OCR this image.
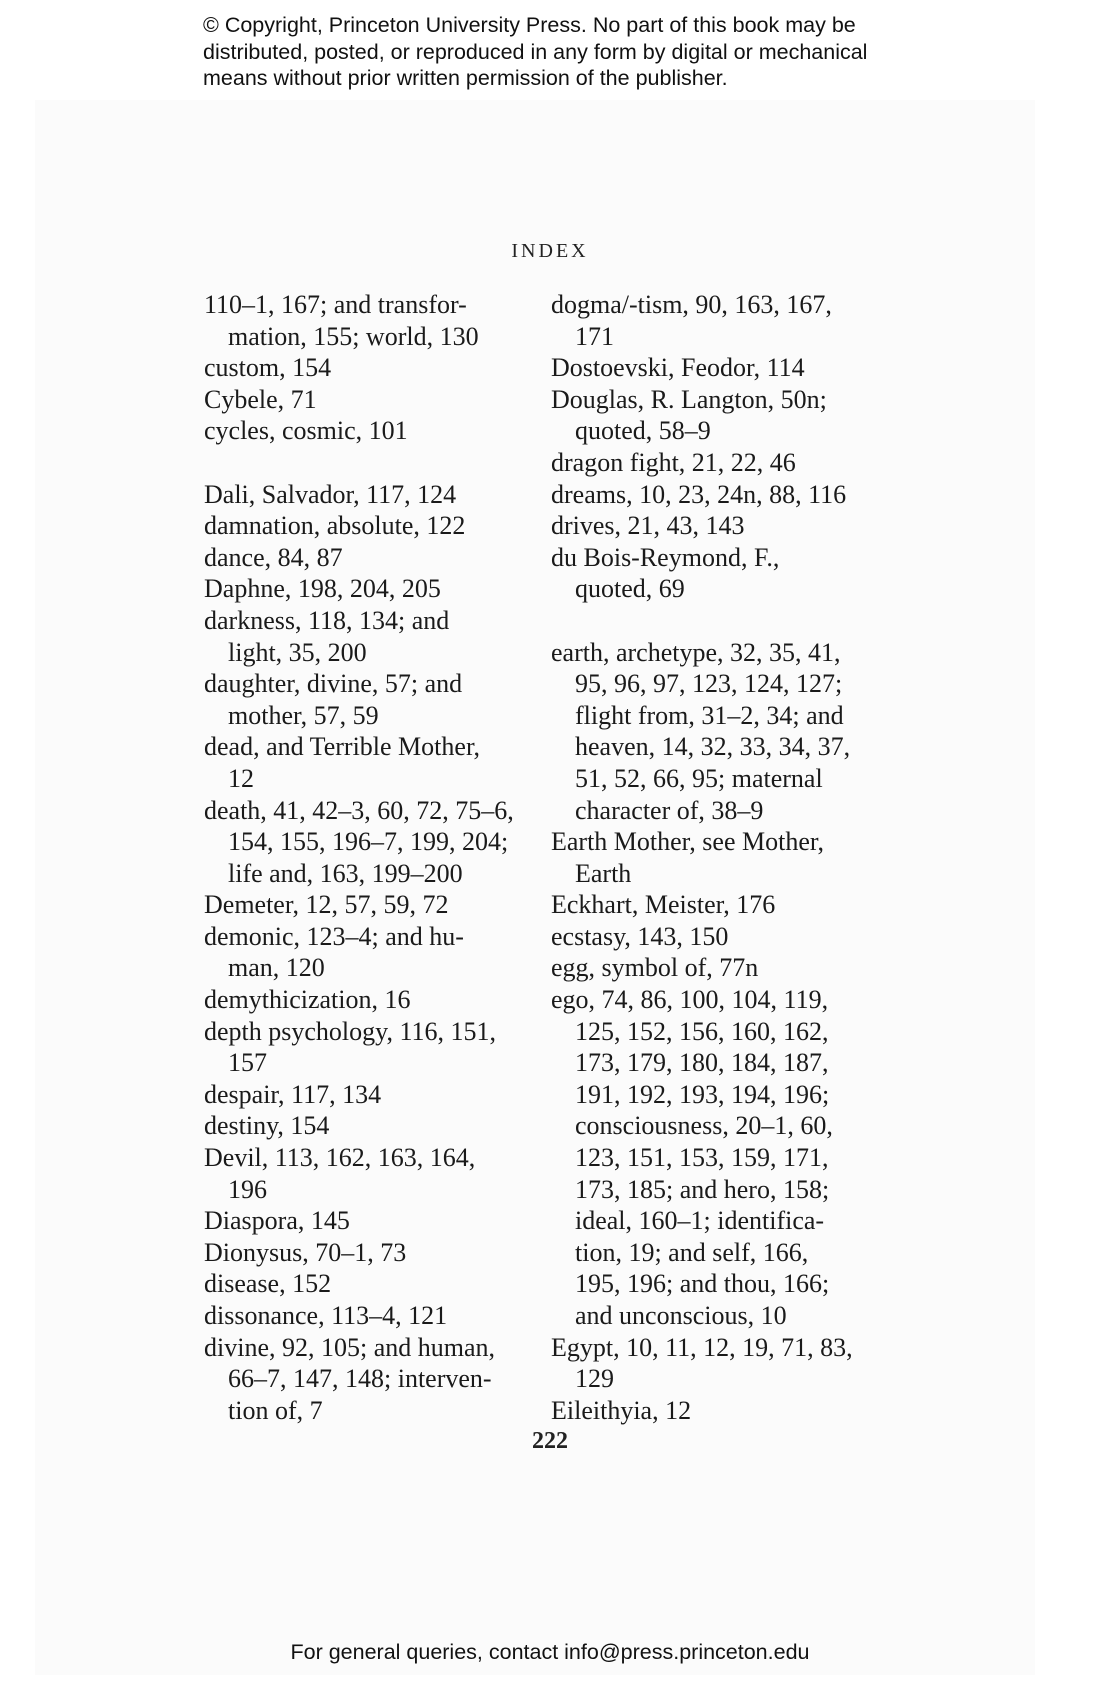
© Copyright, Princeton University Press. No part of this book may be
distributed, posted, or reproduced in any form by digital or mechanical
means without prior written permission of the publisher.
INDEX
110–1, 167; and transfor-
mation, 155; world, 130
custom, 154
Cybele, 71
cycles, cosmic, 101
Dali, Salvador, 117, 124
damnation, absolute, 122
dance, 84, 87
Daphne, 198, 204, 205
darkness, 118, 134; and
light, 35, 200
daughter, divine, 57; and
mother, 57, 59
dead, and Terrible Mother,
12
death, 41, 42–3, 60, 72, 75–6,
154, 155, 196–7, 199, 204;
life and, 163, 199–200
Demeter, 12, 57, 59, 72
demonic, 123–4; and hu-
man, 120
demythicization, 16
depth psychology, 116, 151,
157
despair, 117, 134
destiny, 154
Devil, 113, 162, 163, 164,
196
Diaspora, 145
Dionysus, 70–1, 73
disease, 152
dissonance, 113–4, 121
divine, 92, 105; and human,
66–7, 147, 148; interven-
tion of, 7
dogma/-tism, 90, 163, 167,
171
Dostoevski, Feodor, 114
Douglas, R. Langton, 50n;
quoted, 58–9
dragon fight, 21, 22, 46
dreams, 10, 23, 24n, 88, 116
drives, 21, 43, 143
du Bois-Reymond, F.,
quoted, 69
earth, archetype, 32, 35, 41,
95, 96, 97, 123, 124, 127;
flight from, 31–2, 34; and
heaven, 14, 32, 33, 34, 37,
51, 52, 66, 95; maternal
character of, 38–9
Earth Mother, see Mother,
Earth
Eckhart, Meister, 176
ecstasy, 143, 150
egg, symbol of, 77n
ego, 74, 86, 100, 104, 119,
125, 152, 156, 160, 162,
173, 179, 180, 184, 187,
191, 192, 193, 194, 196;
consciousness, 20–1, 60,
123, 151, 153, 159, 171,
173, 185; and hero, 158;
ideal, 160–1; identifica-
tion, 19; and self, 166,
195, 196; and thou, 166;
and unconscious, 10
Egypt, 10, 11, 12, 19, 71, 83,
129
Eileithyia, 12
222
For general queries, contact info@press.princeton.edu
